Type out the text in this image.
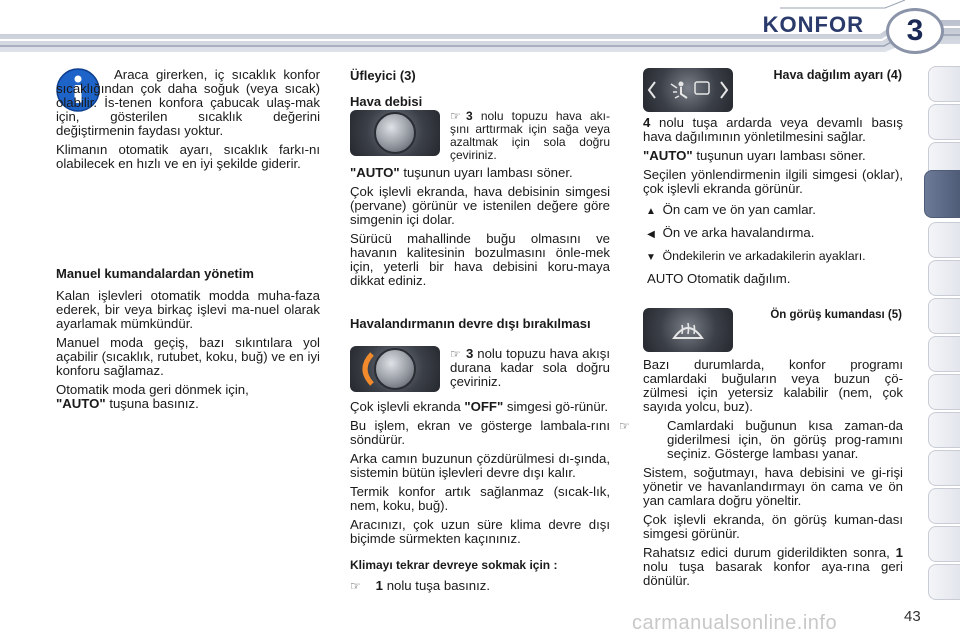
KONFOR	3

Araca girerken, iç sıcaklık konfor sıcaklığından çok daha soğuk (veya sıcak) olabilir. İs-tenen konfora çabucak ulaş-mak için, gösterilen sıcaklık değerini değiştirmenin faydası yoktur.

Klimanın otomatik ayarı, sıcaklık farkı-nı olabilecek en hızlı ve en iyi şekilde giderir.

Manuel kumandalardan yönetim

Kalan işlevleri otomatik modda muha-faza ederek, bir veya birkaç işlevi ma-nuel olarak ayarlamak mümkündür.

Manuel moda geçiş, bazı sıkıntılara yol açabilir (sıcaklık, rutubet, koku, buğ) ve en iyi konforu sağlamaz.

Otomatik moda geri dönmek için,
"AUTO" tuşuna basınız.

Üfleyici (3)

Hava debisi

☞ 3 nolu topuzu hava akı-şını arttırmak için sağa veya azaltmak için sola doğru çeviriniz.

"AUTO" tuşunun uyarı lambası söner.

Çok işlevli ekranda, hava debisinin simgesi (pervane) görünür ve istenilen değere göre simgenin içi dolar.

Sürücü mahallinde buğu olmasını ve havanın kalitesinin bozulmasını önle-mek için, yeterli bir hava debisini koru-maya dikkat ediniz.

Havalandırmanın devre dışı bırakılması

☞ 3 nolu topuzu hava akışı durana kadar sola doğru çeviriniz.

Çok işlevli ekranda "OFF" simgesi gö-rünür.

Bu işlem, ekran ve gösterge lambala-rını söndürür.

Arka camın buzunun çözdürülmesi dı-şında, sistemin bütün işlevleri devre dışı kalır.

Termik konfor artık sağlanmaz (sıcak-lık, nem, koku, buğ).

Aracınızı, çok uzun süre klima devre dışı biçimde sürmekten kaçınınız.

Klimayı tekrar devreye sokmak için :

☞ 1 nolu tuşa basınız.

Hava dağılım ayarı (4)

4 nolu tuşa ardarda veya devamlı basış hava dağılımının yönletilmesini sağlar.

"AUTO" tuşunun uyarı lambası söner.

Seçilen yönlendirmenin ilgili simgesi (oklar), çok işlevli ekranda görünür.

▲ Ön cam ve ön yan camlar.

◀ Ön ve arka havalandırma.

▼ Öndekilerin ve arkadakilerin ayakları.

AUTO Otomatik dağılım.

Ön görüş kumandası (5)

Bazı durumlarda, konfor programı camlardaki buğuların veya buzun çö-zülmesi için yetersiz kalabilir (nem, çok sayıda yolcu, buz).

☞	Camlardaki buğunun kısa zaman-da giderilmesi için, ön görüş prog-ramını seçiniz. Gösterge lambası yanar.

Sistem, soğutmayı, hava debisini ve gi-rişi yönetir ve havanlandırmayı ön cama ve ön yan camlara doğru yöneltir.

Çok işlevli ekranda, ön görüş kuman-dası simgesi görünür.

Rahatsız edici durum giderildikten sonra, 1 nolu tuşa basarak konfor aya-rına geri dönülür.

43
carmanualsonline.info
